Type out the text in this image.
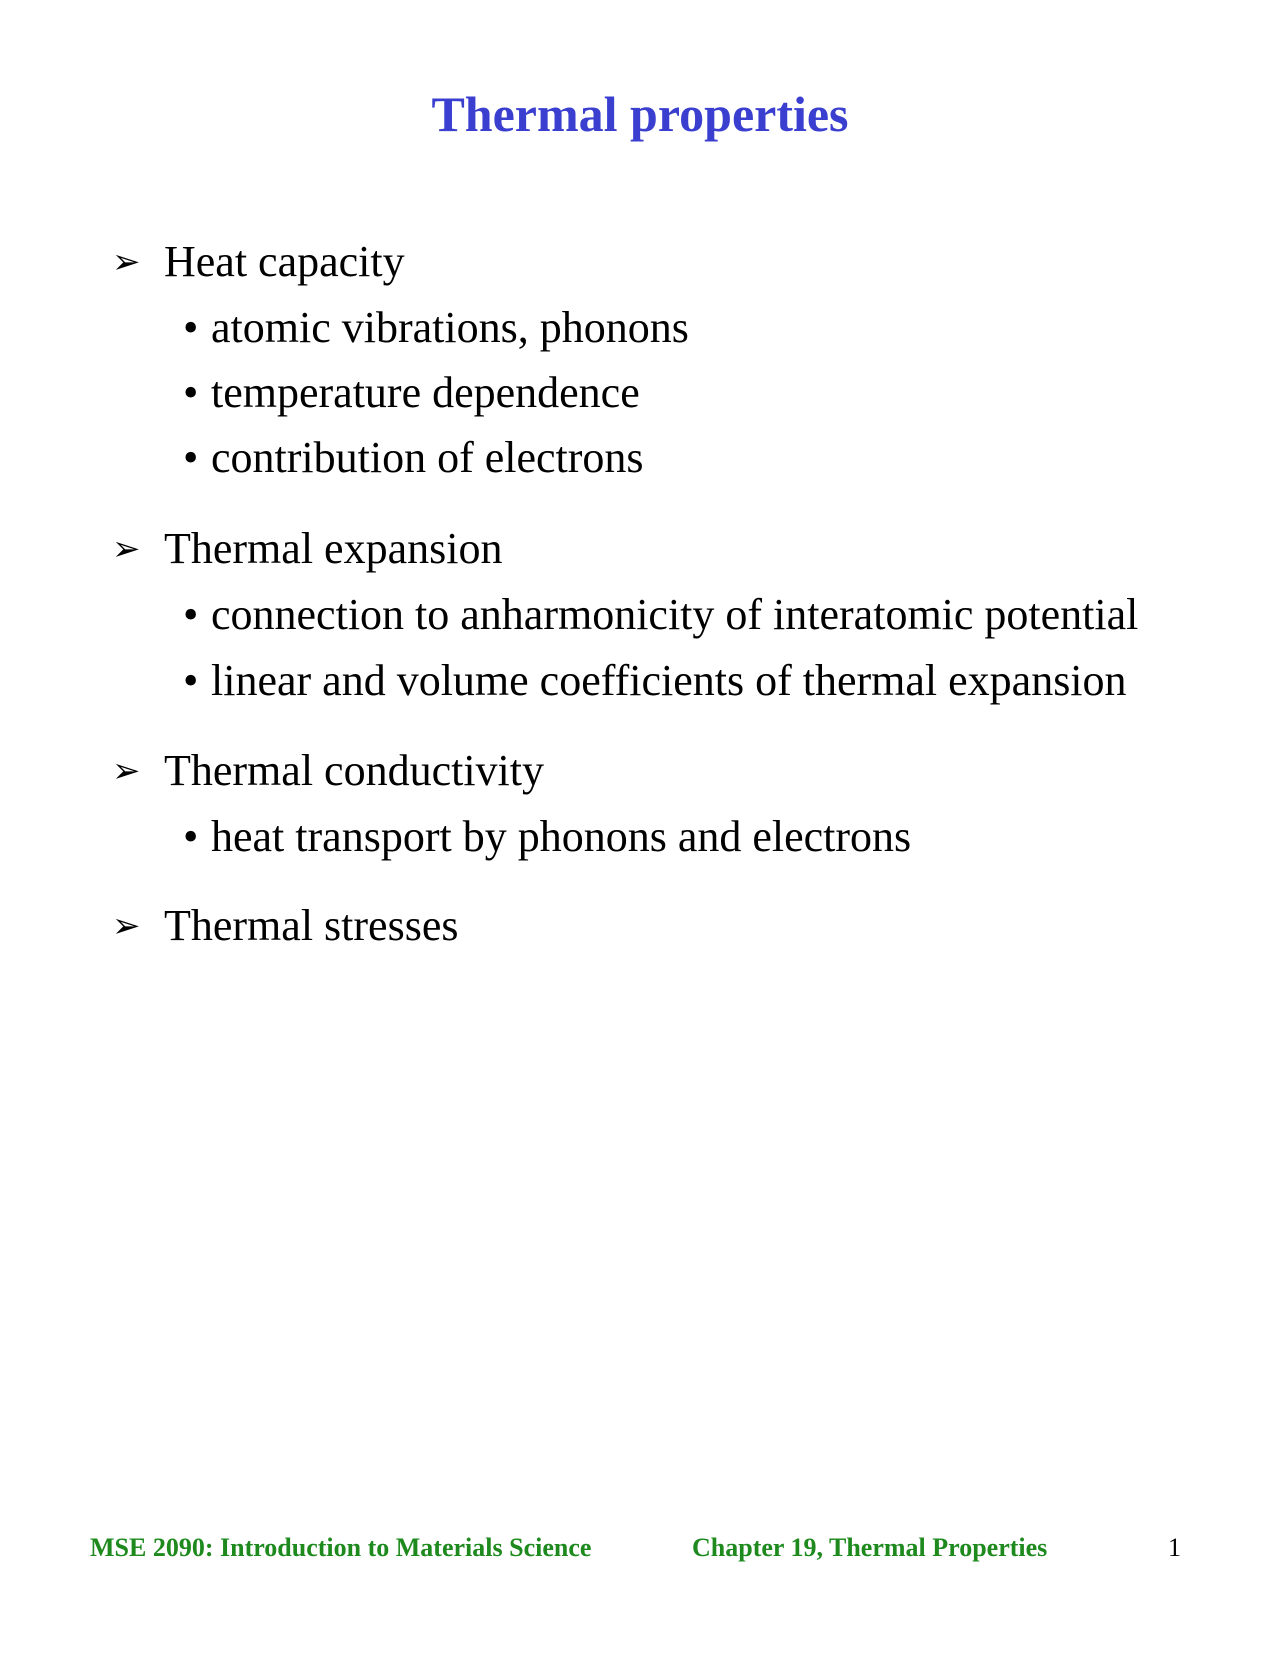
Thermal properties
➢ Heat capacity
• atomic vibrations, phonons
• temperature dependence
• contribution of electrons
➢ Thermal expansion
• connection to anharmonicity of interatomic potential
• linear and volume coefficients of thermal expansion
➢ Thermal conductivity
• heat transport by phonons and electrons
➢ Thermal stresses
MSE 2090: Introduction to Materials Science	Chapter 19, Thermal Properties	1
